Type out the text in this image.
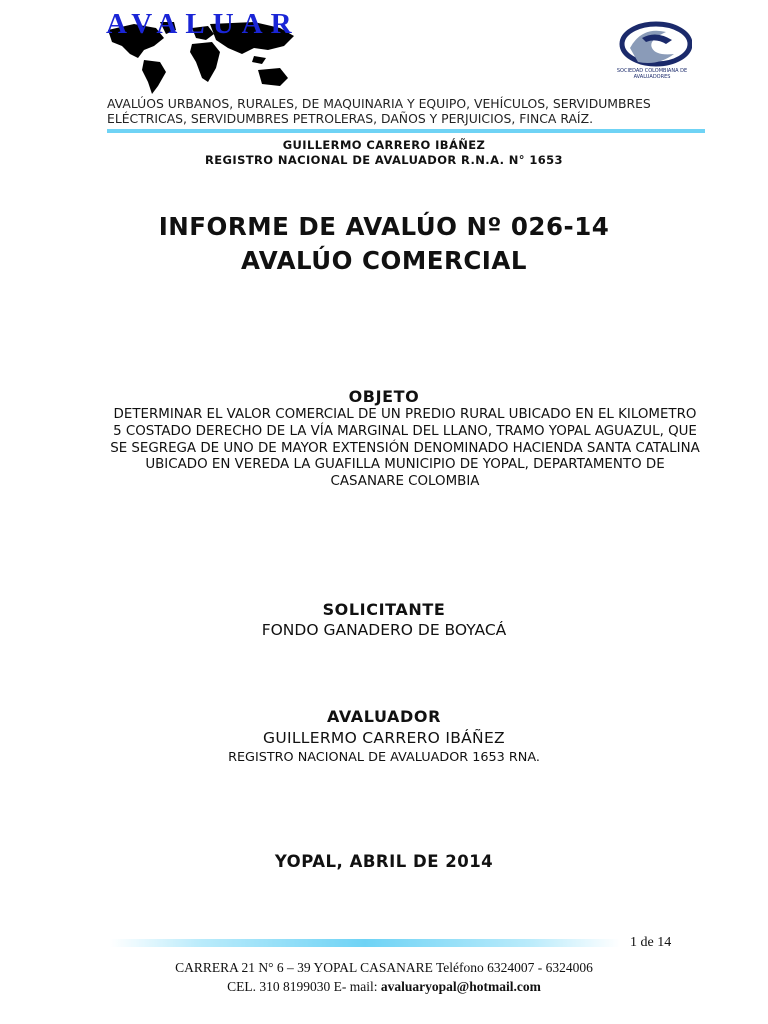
AVALUAR
SOCIEDAD COLOMBIANA DE AVALUADORES
AVALÚOS URBANOS, RURALES, DE MAQUINARIA Y EQUIPO, VEHÍCULOS, SERVIDUMBRES ELÉCTRICAS, SERVIDUMBRES PETROLERAS, DAÑOS Y PERJUICIOS, FINCA RAÍZ.
GUILLERMO CARRERO IBÁÑEZ
REGISTRO NACIONAL DE AVALUADOR R.N.A. N° 1653
INFORME DE AVALÚO Nº 026-14
AVALÚO COMERCIAL
OBJETO
DETERMINAR EL VALOR COMERCIAL DE UN PREDIO RURAL UBICADO EN EL KILOMETRO 5 COSTADO DERECHO DE LA VÍA MARGINAL DEL LLANO, TRAMO YOPAL AGUAZUL, QUE SE SEGREGA DE UNO DE MAYOR EXTENSIÓN DENOMINADO HACIENDA SANTA CATALINA UBICADO EN VEREDA LA GUAFILLA MUNICIPIO DE YOPAL, DEPARTAMENTO DE CASANARE COLOMBIA
SOLICITANTE
FONDO GANADERO DE BOYACÁ
AVALUADOR
GUILLERMO CARRERO IBÁÑEZ
REGISTRO NACIONAL DE AVALUADOR 1653 RNA.
YOPAL, ABRIL DE 2014
1 de 14
CARRERA 21 N° 6 – 39 YOPAL CASANARE Teléfono 6324007 - 6324006
CEL. 310 8199030 E- mail: avaluaryopal@hotmail.com
